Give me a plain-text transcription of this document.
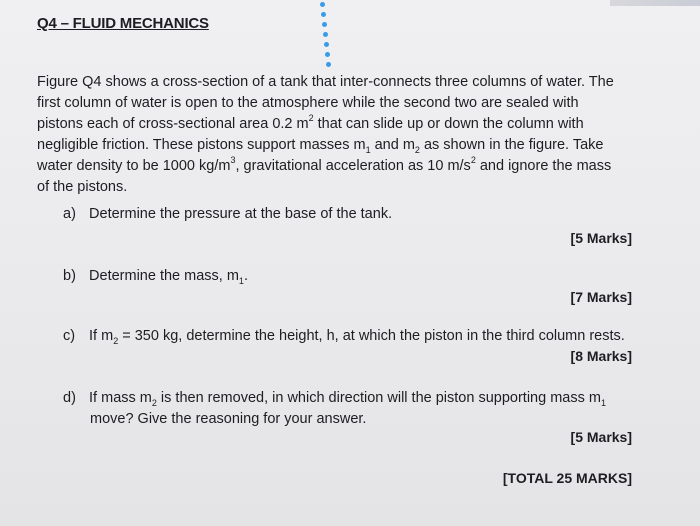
Q4 – FLUID MECHANICS
Figure Q4 shows a cross-section of a tank that inter-connects three columns of water. The
first column of water is open to the atmosphere while the second two are sealed with
pistons each of cross-sectional area 0.2 $m^2$ that can slide up or down the column with
negligible friction. These pistons support masses $m_1$ and $m_2$ as shown in the figure. Take
water density to be 1000 $kg/m^3$, gravitational acceleration as 10 $m/s^2$ and ignore the mass
of the pistons.
a) Determine the pressure at the base of the tank.
[5 Marks]
b) Determine the mass, $m_1$.
[7 Marks]
c) If $m_2 = 350$ kg, determine the height, h, at which the piston in the third column rests.
[8 Marks]
d) If mass $m_2$ is then removed, in which direction will the piston supporting mass $m_1$
move? Give the reasoning for your answer.
[5 Marks]
[TOTAL 25 MARKS]
